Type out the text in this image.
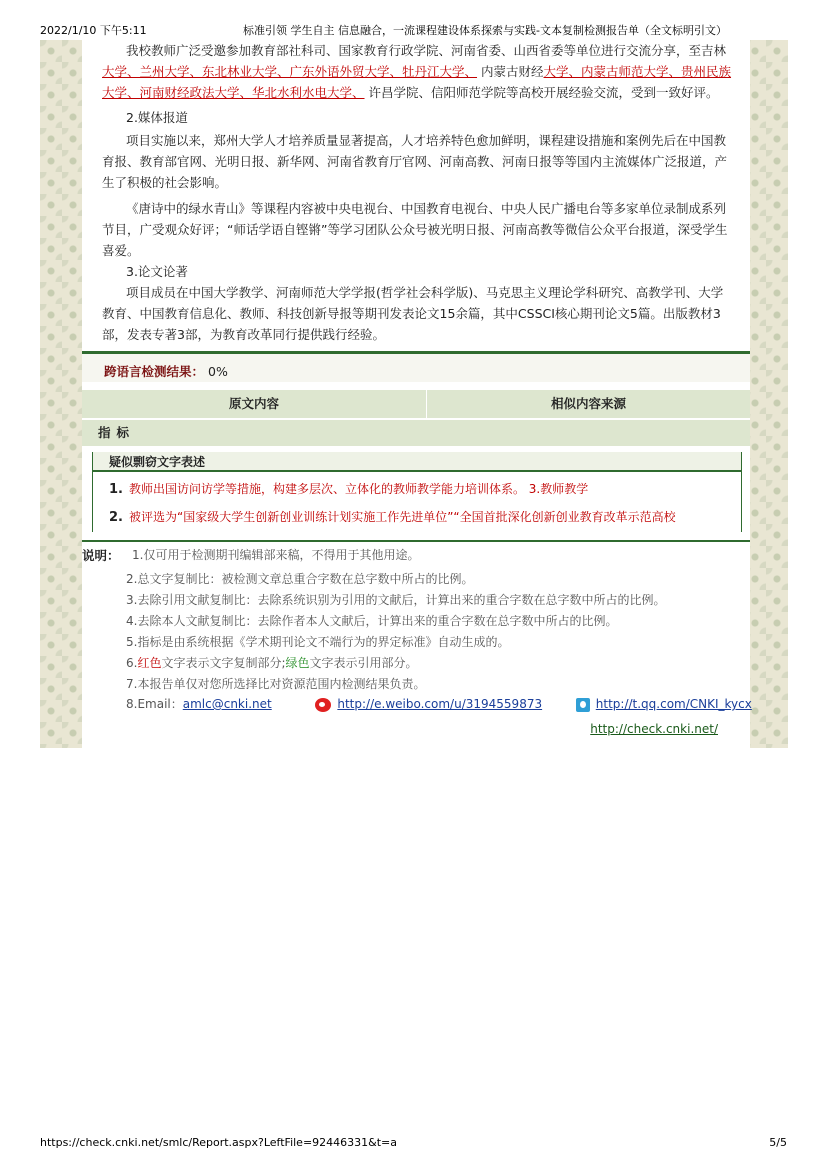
2022/1/10 下午5:11	标准引领 学生自主 信息融合，一流课程建设体系探索与实践-文本复制检测报告单（全文标明引文）
我校教师广泛受邀参加教育部社科司、国家教育行政学院、河南省委、山西省委等单位进行交流分享，至吉林
大学、兰州大学、东北林业大学、广东外语外贸大学、牡丹江大学、 内蒙古财经大学、内蒙古师范大学、贵州民族大学、河南财经政法大学、华北水利水电大学、 许昌学院、信阳师范学院等高校开展经验交流，受到一致好评。
2.媒体报道
项目实施以来，郑州大学人才培养质量显著提高，人才培养特色愈加鲜明，课程建设措施和案例先后在中国教育报、教育部官网、光明日报、新华网、河南省教育厅官网、河南高教、河南日报等等国内主流媒体广泛报道，产生了积极的社会影响。
《唐诗中的绿水青山》等课程内容被中央电视台、中国教育电视台、中央人民广播电台等多家单位录制成系列节目，广受观众好评；“师话学语自铿锵”等学习团队公众号被光明日报、河南高教等微信公众平台报道，深受学生喜爱。
3.论文论著
项目成员在中国大学教学、河南师范大学学报(哲学社会科学版)、马克思主义理论学科研究、高教学刊、大学教育、中国教育信息化、教师、科技创新导报等期刊发表论文15余篇，其中CSSCI核心期刊论文5篇。出版教材3部，发表专著3部，为教育改革同行提供践行经验。
跨语言检测结果： 0%
原文内容	相似内容来源
指标
疑似剽窃文字表述
1. 教师出国访问访学等措施，构建多层次、立体化的教师教学能力培训体系。 3.教师教学
2. 被评选为“国家级大学生创新创业训练计划实施工作先进单位”“全国首批深化创新创业教育改革示范高校
说明： 1.仅可用于检测期刊编辑部来稿，不得用于其他用途。
2.总文字复制比：被检测文章总重合字数在总字数中所占的比例。
3.去除引用文献复制比：去除系统识别为引用的文献后，计算出来的重合字数在总字数中所占的比例。
4.去除本人文献复制比：去除作者本人文献后，计算出来的重合字数在总字数中所占的比例。
5.指标是由系统根据《学术期刊论文不端行为的界定标准》自动生成的。
6.红色文字表示文字复制部分;绿色文字表示引用部分。
7.本报告单仅对您所选择比对资源范围内检测结果负责。
8.Email：amlc@cnki.net	http://e.weibo.com/u/3194559873	http://t.qq.com/CNKI_kycx
http://check.cnki.net/
https://check.cnki.net/smlc/Report.aspx?LeftFile=92446331&t=a	5/5
